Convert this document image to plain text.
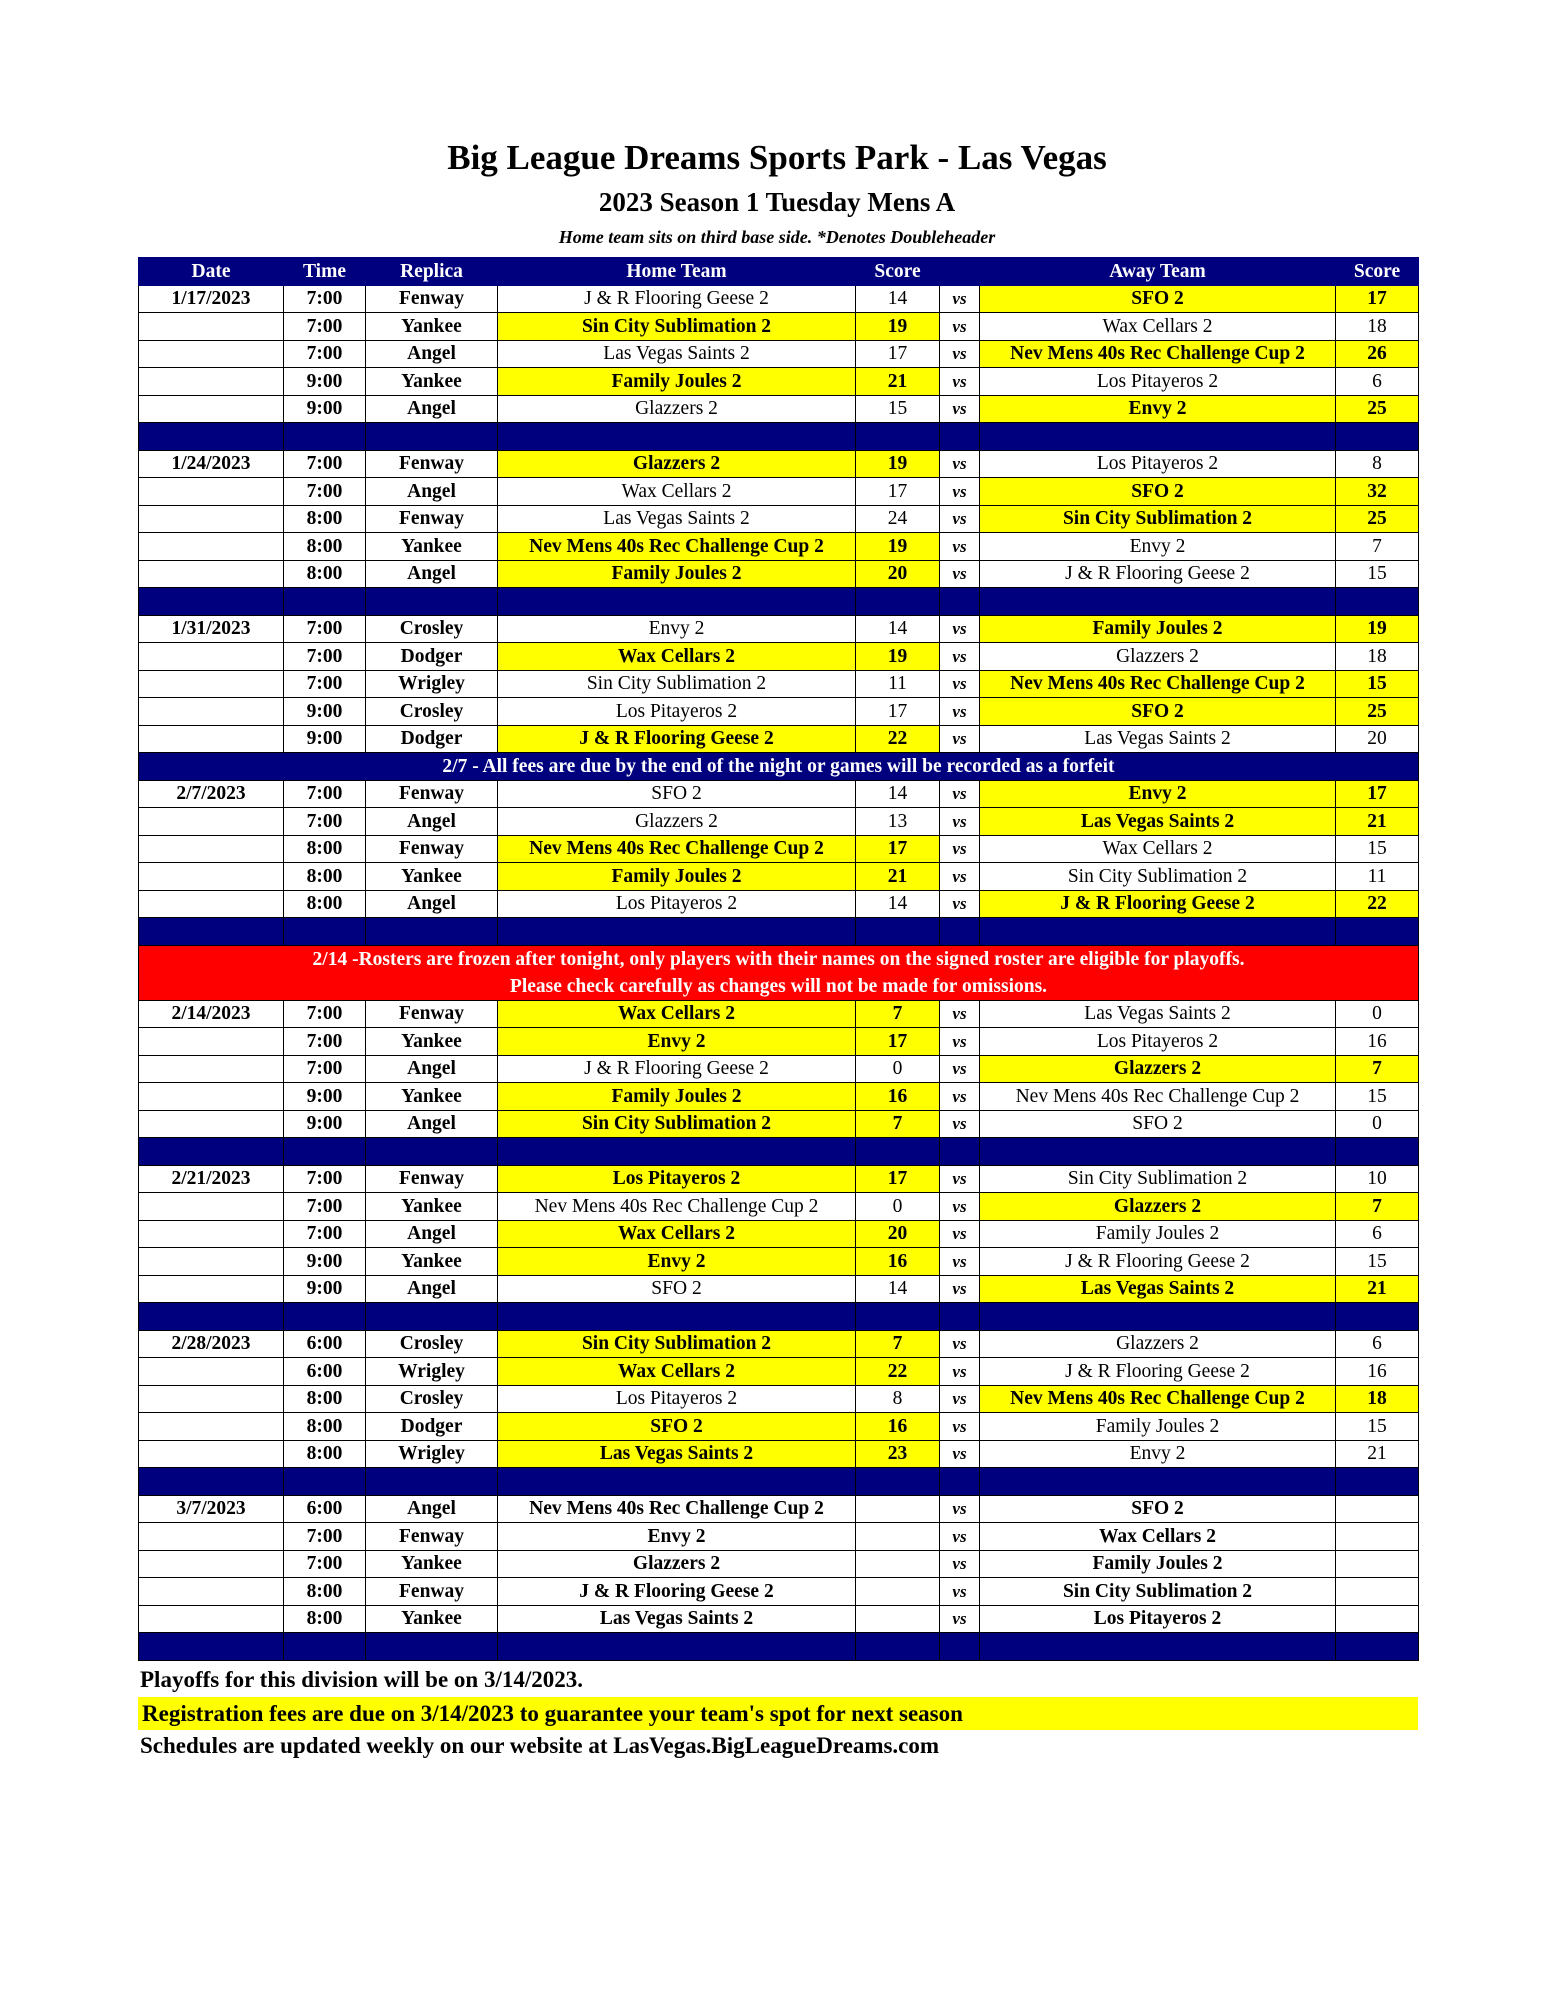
Big League Dreams Sports Park - Las Vegas
2023 Season 1 Tuesday Mens A
Home team sits on third base side. *Denotes Doubleheader
Date	Time	Replica	Home Team	Score		Away Team	Score
1/17/2023	7:00	Fenway	J & R Flooring Geese 2	14	vs	SFO 2	17
	7:00	Yankee	Sin City Sublimation 2	19	vs	Wax Cellars 2	18
	7:00	Angel	Las Vegas Saints 2	17	vs	Nev Mens 40s Rec Challenge Cup 2	26
	9:00	Yankee	Family Joules 2	21	vs	Los Pitayeros 2	6
	9:00	Angel	Glazzers 2	15	vs	Envy 2	25

1/24/2023	7:00	Fenway	Glazzers 2	19	vs	Los Pitayeros 2	8
	7:00	Angel	Wax Cellars 2	17	vs	SFO 2	32
	8:00	Fenway	Las Vegas Saints 2	24	vs	Sin City Sublimation 2	25
	8:00	Yankee	Nev Mens 40s Rec Challenge Cup 2	19	vs	Envy 2	7
	8:00	Angel	Family Joules 2	20	vs	J & R Flooring Geese 2	15

1/31/2023	7:00	Crosley	Envy 2	14	vs	Family Joules 2	19
	7:00	Dodger	Wax Cellars 2	19	vs	Glazzers 2	18
	7:00	Wrigley	Sin City Sublimation 2	11	vs	Nev Mens 40s Rec Challenge Cup 2	15
	9:00	Crosley	Los Pitayeros 2	17	vs	SFO 2	25
	9:00	Dodger	J & R Flooring Geese 2	22	vs	Las Vegas Saints 2	20
2/7 - All fees are due by the end of the night or games will be recorded as a forfeit							
2/7/2023	7:00	Fenway	SFO 2	14	vs	Envy 2	17
	7:00	Angel	Glazzers 2	13	vs	Las Vegas Saints 2	21
	8:00	Fenway	Nev Mens 40s Rec Challenge Cup 2	17	vs	Wax Cellars 2	15
	8:00	Yankee	Family Joules 2	21	vs	Sin City Sublimation 2	11
	8:00	Angel	Los Pitayeros 2	14	vs	J & R Flooring Geese 2	22

2/14 -Rosters are frozen after tonight, only players with their names on the signed roster are eligible for playoffs.
Please check carefully as changes will not be made for omissions.							

2/14/2023	7:00	Fenway	Wax Cellars 2	7	vs	Las Vegas Saints 2	0
	7:00	Yankee	Envy 2	17	vs	Los Pitayeros 2	16
	7:00	Angel	J & R Flooring Geese 2	0	vs	Glazzers 2	7
	9:00	Yankee	Family Joules 2	16	vs	Nev Mens 40s Rec Challenge Cup 2	15
	9:00	Angel	Sin City Sublimation 2	7	vs	SFO 2	0

2/21/2023	7:00	Fenway	Los Pitayeros 2	17	vs	Sin City Sublimation 2	10
	7:00	Yankee	Nev Mens 40s Rec Challenge Cup 2	0	vs	Glazzers 2	7
	7:00	Angel	Wax Cellars 2	20	vs	Family Joules 2	6
	9:00	Yankee	Envy 2	16	vs	J & R Flooring Geese 2	15
	9:00	Angel	SFO 2	14	vs	Las Vegas Saints 2	21

2/28/2023	6:00	Crosley	Sin City Sublimation 2	7	vs	Glazzers 2	6
	6:00	Wrigley	Wax Cellars 2	22	vs	J & R Flooring Geese 2	16
	8:00	Crosley	Los Pitayeros 2	8	vs	Nev Mens 40s Rec Challenge Cup 2	18
	8:00	Dodger	SFO 2	16	vs	Family Joules 2	15
	8:00	Wrigley	Las Vegas Saints 2	23	vs	Envy 2	21

3/7/2023	6:00	Angel	Nev Mens 40s Rec Challenge Cup 2		vs	SFO 2	
	7:00	Fenway	Envy 2		vs	Wax Cellars 2	
	7:00	Yankee	Glazzers 2		vs	Family Joules 2	
	8:00	Fenway	J & R Flooring Geese 2		vs	Sin City Sublimation 2	
	8:00	Yankee	Las Vegas Saints 2		vs	Los Pitayeros 2	

Playoffs for this division will be on 3/14/2023.
Registration fees are due on 3/14/2023 to guarantee your team's spot for next season
Schedules are updated weekly on our website at LasVegas.BigLeagueDreams.com
